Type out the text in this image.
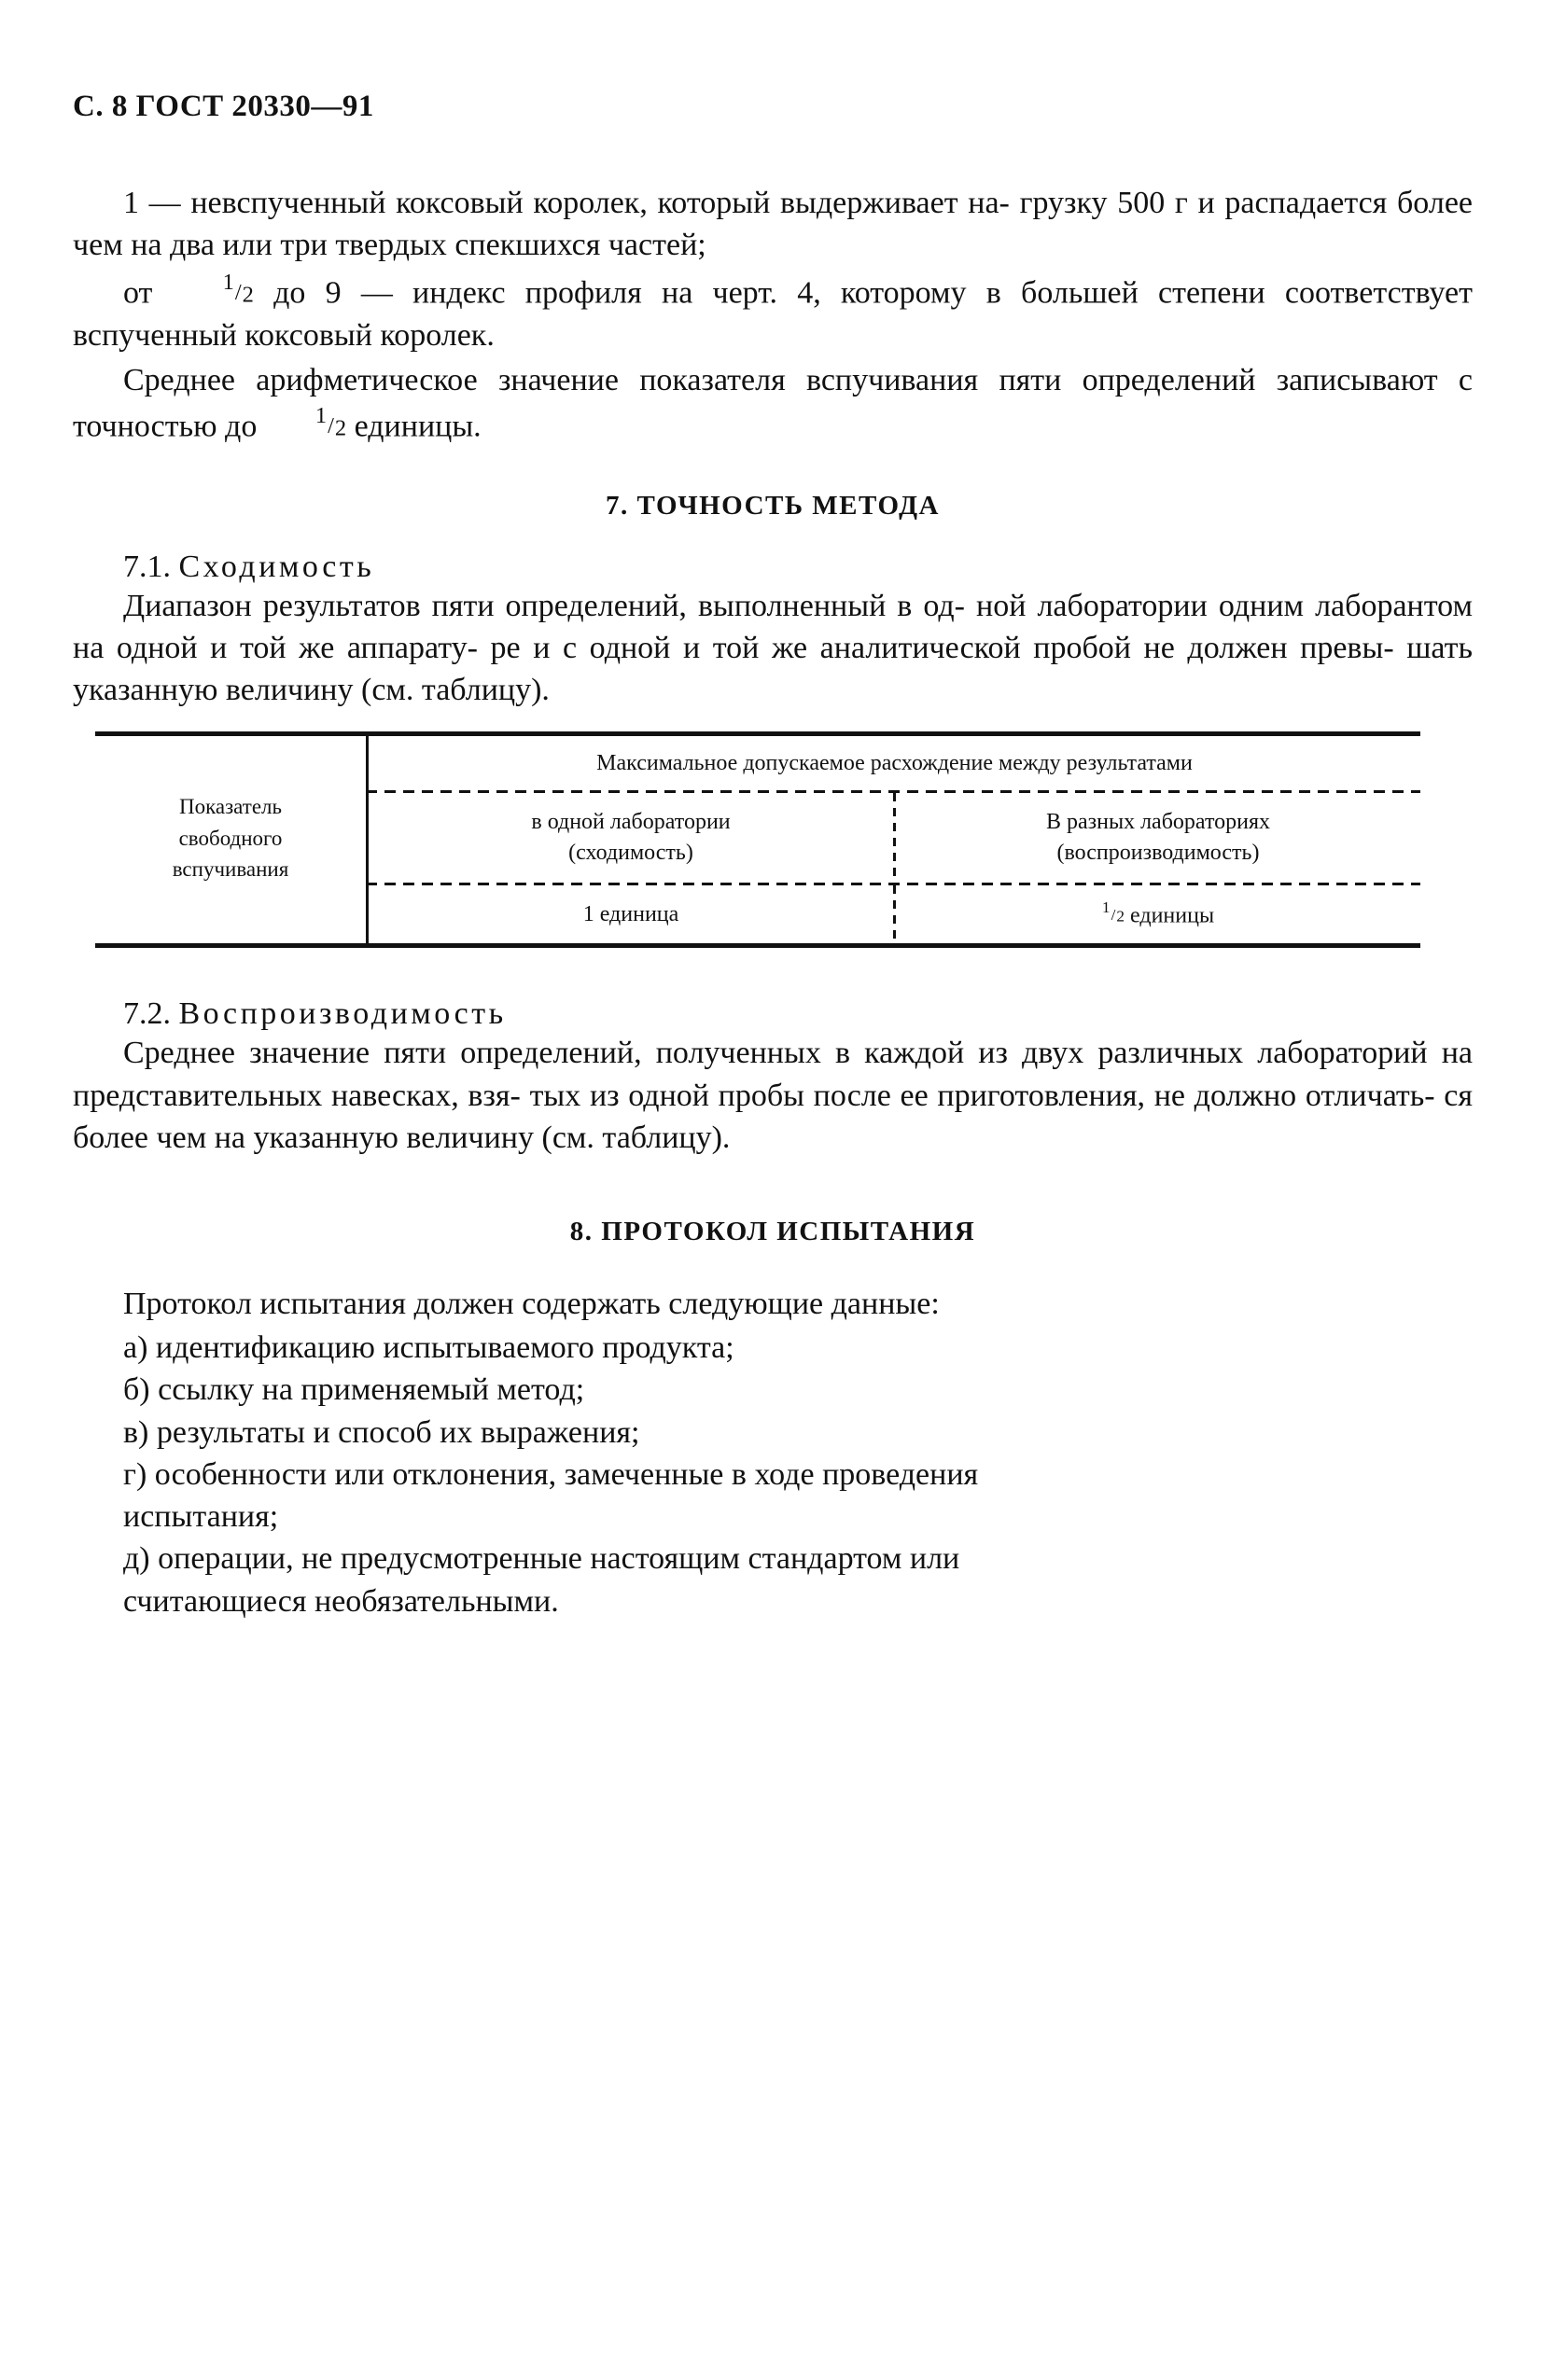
С. 8 ГОСТ 20330—91

1 — невспученный коксовый королек, который выдерживает на- грузку 500 г и распадается более чем на два или три твердых спекшихся частей;

от 1/2 до 9 — индекс профиля на черт. 4, которому в большей степени соответствует вспученный коксовый королек.

Среднее арифметическое значение показателя вспучивания пяти определений записывают с точностью до 1/2 единицы.

7. ТОЧНОСТЬ МЕТОДА
7.1. Сходимость

Диапазон результатов пяти определений, выполненный в од- ной лаборатории одним лаборантом на одной и той же аппарату- ре и с одной и той же аналитической пробой не должен превы- шать указанную величину (см. таблицу).

Максимальное допускаемое расхождение между результатами
Показатель
свободного
вспучивания
в одной лаборатории
(сходимость)
В разных лабораториях
(воспроизводимость)
1 единица	1/2 единицы
7.2. Воспроизводимость

Среднее значение пяти определений, полученных в каждой из двух различных лабораторий на представительных навесках, взя- тых из одной пробы после ее приготовления, не должно отличать- ся более чем на указанную величину (см. таблицу).

8. ПРОТОКОЛ ИСПЫТАНИЯ

Протокол испытания должен содержать следующие данные:

а) идентификацию испытываемого продукта;
б) ссылку на применяемый метод;
в) результаты и способ их выражения;
г) особенности или отклонения, замеченные в ходе проведения
испытания;
д) операции, не предусмотренные настоящим стандартом или
считающиеся необязательными.
